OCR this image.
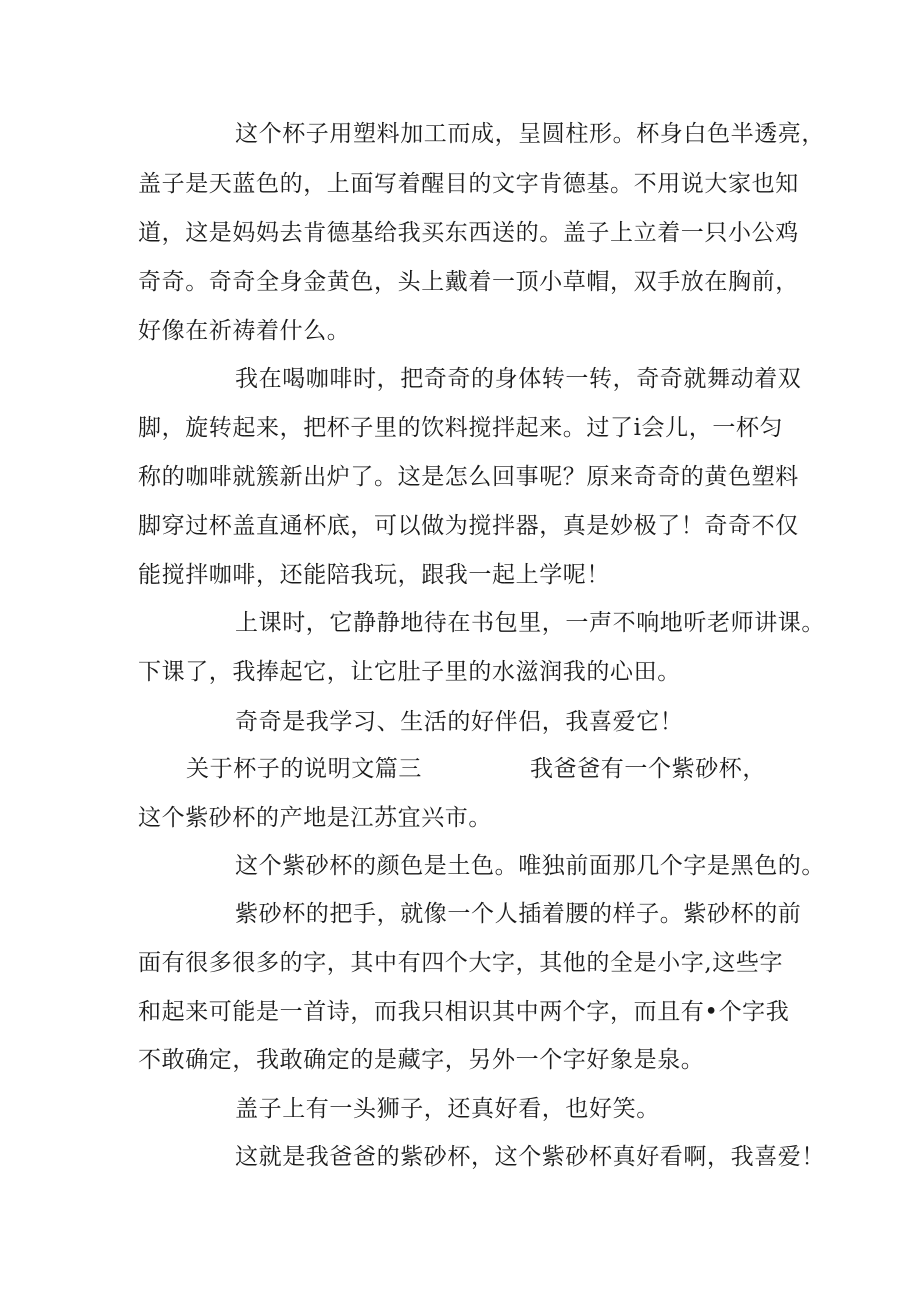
这个杯子用塑料加工而成，呈圆柱形。杯身白色半透亮，

盖子是天蓝色的，上面写着醒目的文字肯德基。不用说大家也知

道，这是妈妈去肯德基给我买东西送的。盖子上立着一只小公鸡

奇奇。奇奇全身金黄色，头上戴着一顶小草帽，双手放在胸前，

好像在祈祷着什么。

我在喝咖啡时，把奇奇的身体转一转，奇奇就舞动着双

脚，旋转起来，把杯子里的饮料搅拌起来。过了i会儿，一杯匀

称的咖啡就簇新出炉了。这是怎么回事呢？原来奇奇的黄色塑料

脚穿过杯盖直通杯底，可以做为搅拌器，真是妙极了！奇奇不仅

能搅拌咖啡，还能陪我玩，跟我一起上学呢！

上课时，它静静地待在书包里，一声不响地听老师讲课。

下课了，我捧起它，让它肚子里的水滋润我的心田。

奇奇是我学习、生活的好伴侣，我喜爱它！

关于杯子的说明文篇三

	我爸爸有一个紫砂杯，

这个紫砂杯的产地是江苏宜兴市。

这个紫砂杯的颜色是土色。唯独前面那几个字是黑色的。

紫砂杯的把手，就像一个人插着腰的样子。紫砂杯的前

面有很多很多的字，其中有四个大字，其他的全是小字,这些字

和起来可能是一首诗，而我只相识其中两个字，而且有•个字我

不敢确定，我敢确定的是藏字，另外一个字好象是泉。

盖子上有一头狮子，还真好看，也好笑。

这就是我爸爸的紫砂杯，这个紫砂杯真好看啊，我喜爱！
